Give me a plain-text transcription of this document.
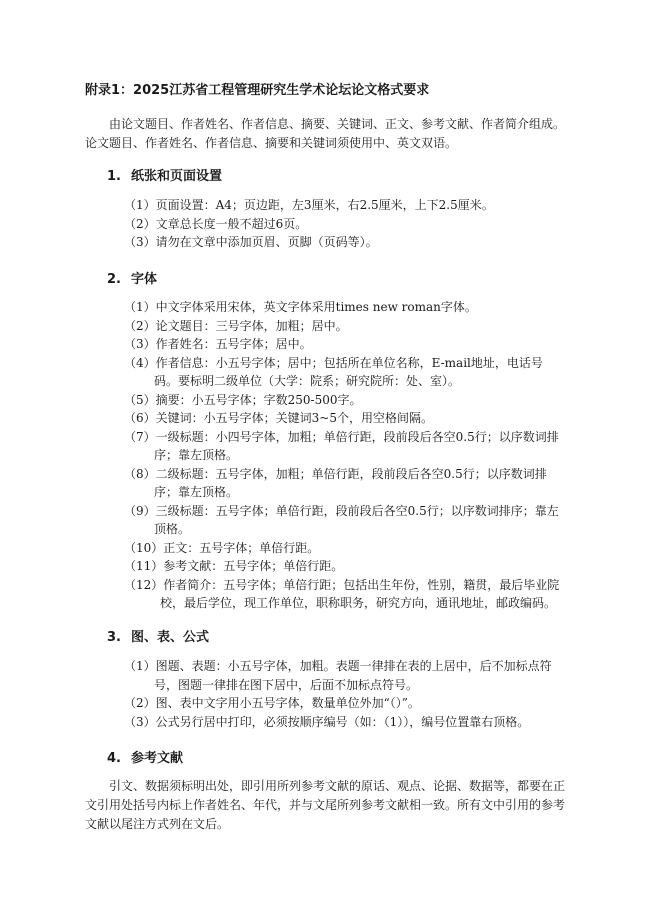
附录1：2025江苏省工程管理研究生学术论坛论文格式要求

由论文题目、作者姓名、作者信息、摘要、关键词、正文、参考文献、作者简介组成。论文题目、作者姓名、作者信息、摘要和关键词须使用中、英文双语。

1. 纸张和页面设置
（1）页面设置：A4；页边距，左3厘米，右2.5厘米，上下2.5厘米。
（2）文章总长度一般不超过6页。
（3）请勿在文章中添加页眉、页脚（页码等）。
2. 字体
（1）中文字体采用宋体，英文字体采用times new roman字体。
（2）论文题目：三号字体，加粗；居中。
（3）作者姓名：五号字体；居中。
（4）作者信息：小五号字体；居中；包括所在单位名称，E-mail地址，电话号码。要标明二级单位（大学：院系；研究院所：处、室）。
（5）摘要：小五号字体；字数250-500字。
（6）关键词：小五号字体；关键词3~5个，用空格间隔。
（7）一级标题：小四号字体，加粗；单倍行距，段前段后各空0.5行；以序数词排序；靠左顶格。
（8）二级标题：五号字体，加粗；单倍行距，段前段后各空0.5行；以序数词排序；靠左顶格。
（9）三级标题：五号字体；单倍行距，段前段后各空0.5行；以序数词排序；靠左顶格。
（10）正文：五号字体；单倍行距。
（11）参考文献：五号字体；单倍行距。
（12）作者简介：五号字体；单倍行距；包括出生年份，性别，籍贯，最后毕业院校，最后学位，现工作单位，职称职务，研究方向，通讯地址，邮政编码。
3. 图、表、公式
（1）图题、表题：小五号字体，加粗。表题一律排在表的上居中，后不加标点符号，图题一律排在图下居中，后面不加标点符号。
（2）图、表中文字用小五号字体，数量单位外加“（）”。
（3）公式另行居中打印，必须按顺序编号（如：（1）），编号位置靠右顶格。
4. 参考文献

引文、数据须标明出处，即引用所列参考文献的原话、观点、论据、数据等，都要在正文引用处括号内标上作者姓名、年代，并与文尾所列参考文献相一致。所有文中引用的参考文献以尾注方式列在文后。
